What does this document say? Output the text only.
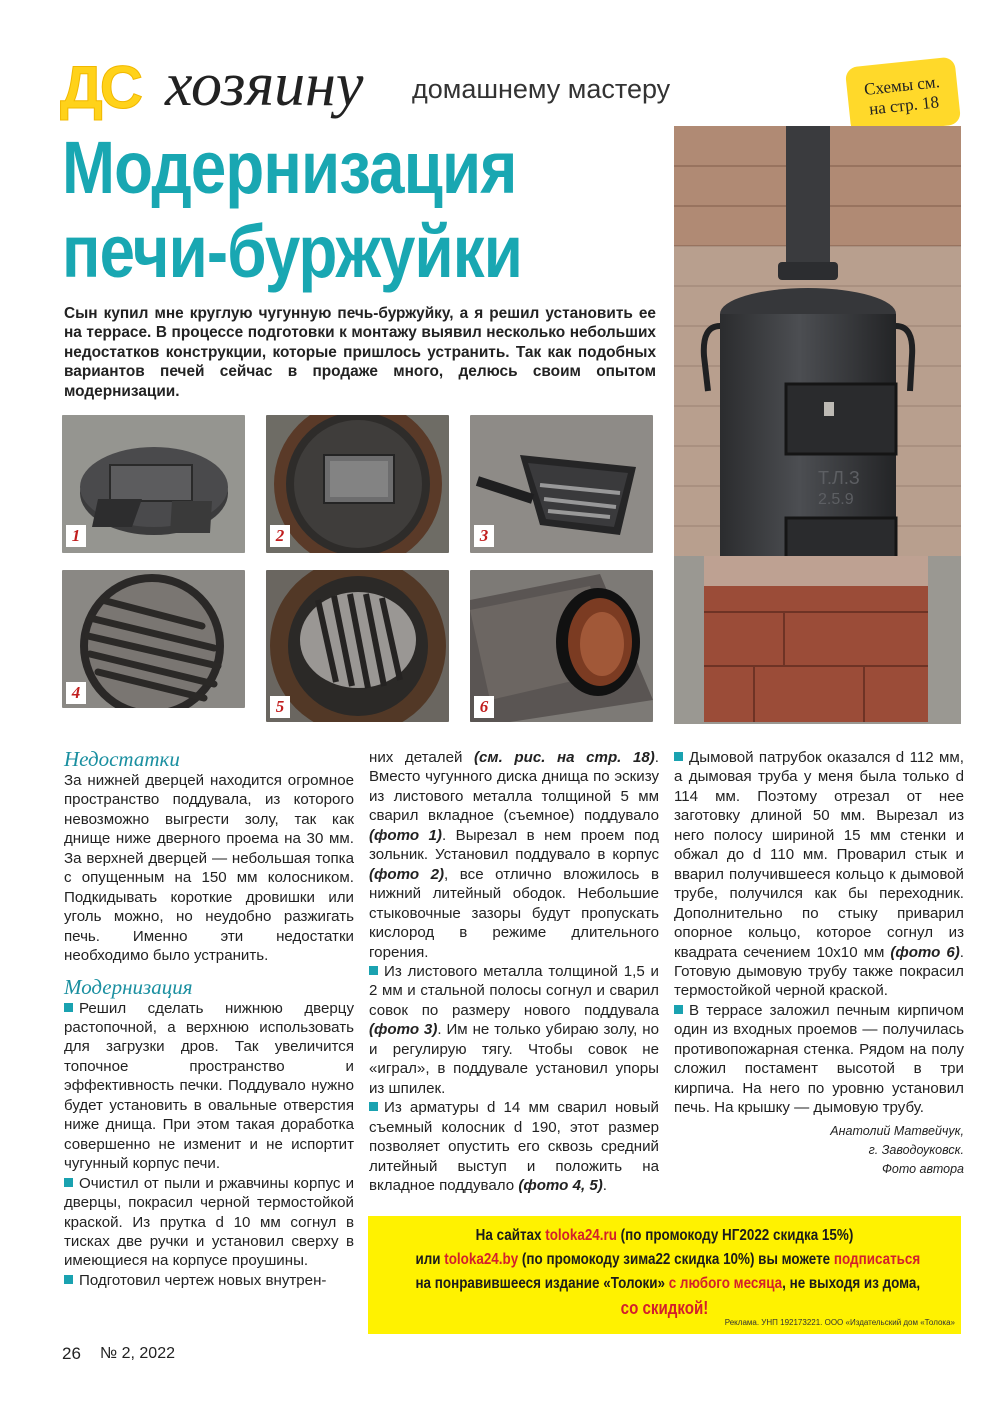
ДС хозяину домашнему мастеру	Схемы см.
на стр. 18
Модернизация
печи-буржуйки
Сын купил мне круглую чугунную печь-буржуйку, а я решил установить ее на террасе. В процессе подготовки к монтажу выявил несколько небольших недостатков конструкции, которые пришлось устранить. Так как подобных вариантов печей сейчас в продаже много, делюсь своим опытом модернизации.
1	2	3
4
5	6
Т.Л.З
2.5.9
Недостатки

За нижней дверцей находится огромное пространство поддувала, из которого невозможно выгрести золу, так как днище ниже дверного проема на 30 мм. За верхней дверцей — небольшая топка с опущенным на 150 мм колосником. Подкидывать короткие дровишки или уголь можно, но неудобно разжигать печь. Именно эти недостатки необходимо было устранить.

Модернизация

Решил сделать нижнюю дверцу растопочной, а верхнюю использовать для загрузки дров. Так увеличится топочное пространство и эффективность печки. Поддувало нужно будет установить в овальные отверстия ниже днища. При этом такая доработка совершенно не изменит и не испортит чугунный корпус печи.

Очистил от пыли и ржавчины корпус и дверцы, покрасил черной термостойкой краской. Из прутка d 10 мм согнул в тисках две ручки и установил сверху в имеющиеся на корпусе проушины.

Подготовил чертеж новых внутрен-

них деталей (см. рис. на стр. 18). Вместо чугунного диска днища по эскизу из листового металла толщиной 5 мм сварил вкладное (съемное) поддувало (фото 1). Вырезал в нем проем под зольник. Установил поддувало в корпус (фото 2), все отлично вложилось в нижний литейный ободок. Небольшие стыковочные зазоры будут пропускать кислород в режиме длительного горения.

Из листового металла толщиной 1,5 и 2 мм и стальной полосы согнул и сварил совок по размеру нового поддувала (фото 3). Им не только убираю золу, но и регулирую тягу. Чтобы совок не «играл», в поддувале установил упоры из шпилек.

Из арматуры d 14 мм сварил новый съемный колосник d 190, этот размер позволяет опустить его сквозь средний литейный выступ и положить на вкладное поддувало (фото 4, 5).

Дымовой патрубок оказался d 112 мм, а дымовая труба у меня была только d 114 мм. Поэтому отрезал от нее заготовку длиной 50 мм. Вырезал из него полосу шириной 15 мм стенки и обжал до d 110 мм. Проварил стык и вварил получившееся кольцо к дымовой трубе, получился как бы переходник. Дополнительно по стыку приварил опорное кольцо, которое согнул из квадрата сечением 10х10 мм (фото 6). Готовую дымовую трубу также покрасил термостойкой черной краской.

В террасе заложил печным кирпичом один из входных проемов — получилась противопожарная стенка. Рядом на полу сложил постамент высотой в три кирпича. На него по уровню установил печь. На крышку — дымовую трубу.

Анатолий Матвейчук,
г. Заводоуковск.
Фото автора
На сайтах toloka24.ru (по промокоду НГ2022 скидка 15%)
или toloka24.by (по промокоду зима22 скидка 10%) вы можете подписаться
на понравившееся издание «Толоки» с любого месяца, не выходя из дома,
со скидкой!
Реклама. УНП 192173221. ООО «Издательский дом «Толока»
26 № 2, 2022
